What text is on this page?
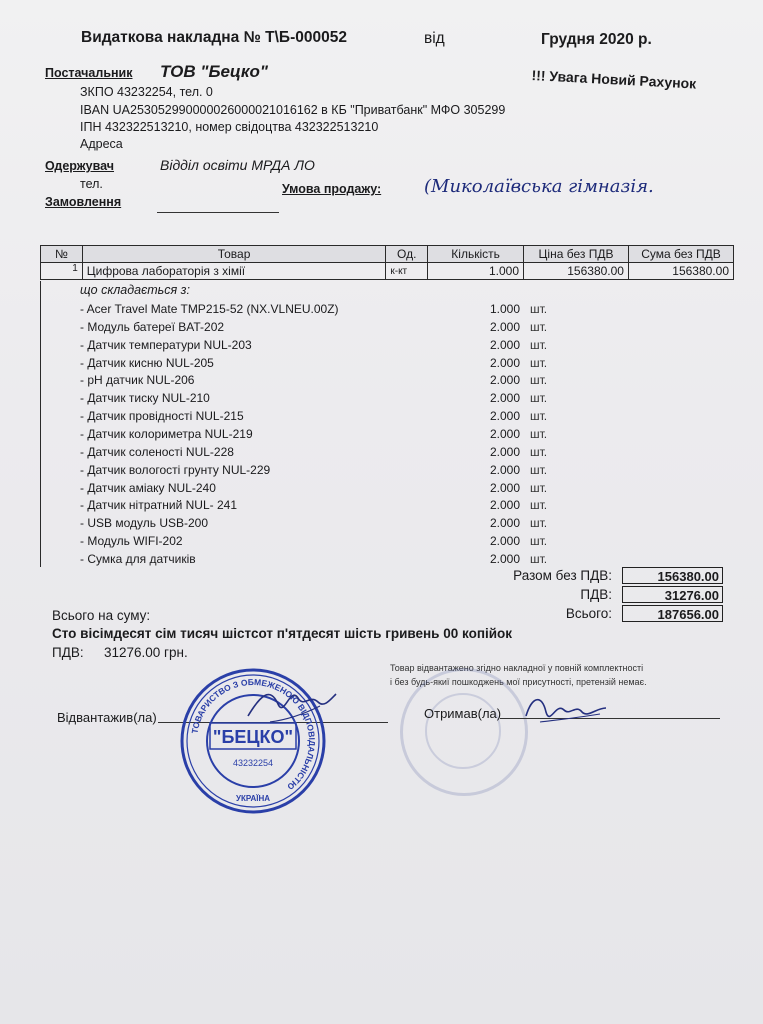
Видаткова накладна № Т\Б-000052	від	Грудня 2020 р.
Постачальник ТОВ "Бецко"	!!! Увага Новий Рахунок
ЗКПО 43232254, тел. 0
IBAN UA253052990000026000021016162 в КБ "Приватбанк" МФО 305299
ІПН 432322513210, номер свідоцтва 432322513210
Адреса
Одержувач	Відділ освіти МРДА ЛО
тел.	Умова продажу: (Миколаївська гімназія.
Замовлення
№	Товар	Од.	Кількість	Ціна без ПДВ	Сума без ПДВ
1	Цифрова лабораторія з хімії	к-кт	1.000	156380.00	156380.00
що складається з:
- Acer Travel Mate TMP215-52 (NX.VLNEU.00Z)	1.000 шт.
- Модуль батереї BAT-202	2.000 шт.
- Датчик температури NUL-203	2.000 шт.
- Датчик кисню NUL-205	2.000 шт.
- pH датчик NUL-206	2.000 шт.
- Датчик тиску NUL-210	2.000 шт.
- Датчик провідності NUL-215	2.000 шт.
- Датчик колориметра NUL-219	2.000 шт.
- Датчик соленості NUL-228	2.000 шт.
- Датчик вологості грунту NUL-229	2.000 шт.
- Датчик аміаку NUL-240	2.000 шт.
- Датчик нітратний NUL- 241	2.000 шт.
- USB модуль USB-200	2.000 шт.
- Модуль WIFI-202	2.000 шт.
- Сумка для датчиків	2.000 шт.
Разом без ПДВ:	156380.00
ПДВ:	31276.00
Всього:	187656.00
Всього на суму:
Сто вісімдесят сім тисяч шістсот п'ятдесят шість гривень 00 копійок
ПДВ: 31276.00 грн.
Товар відвантажено згідно накладної у повній комплектності
і без будь-якиї пошкоджень мої присутності, претензій немає.
Відвантажив(ла)	Отримав(ла)
ТОВАРИСТВО З ОБМЕЖЕНОЮ ВІДПОВІДАЛЬНІСТЮ
"БЕЦКО"
43232254
УКРАЇНА
